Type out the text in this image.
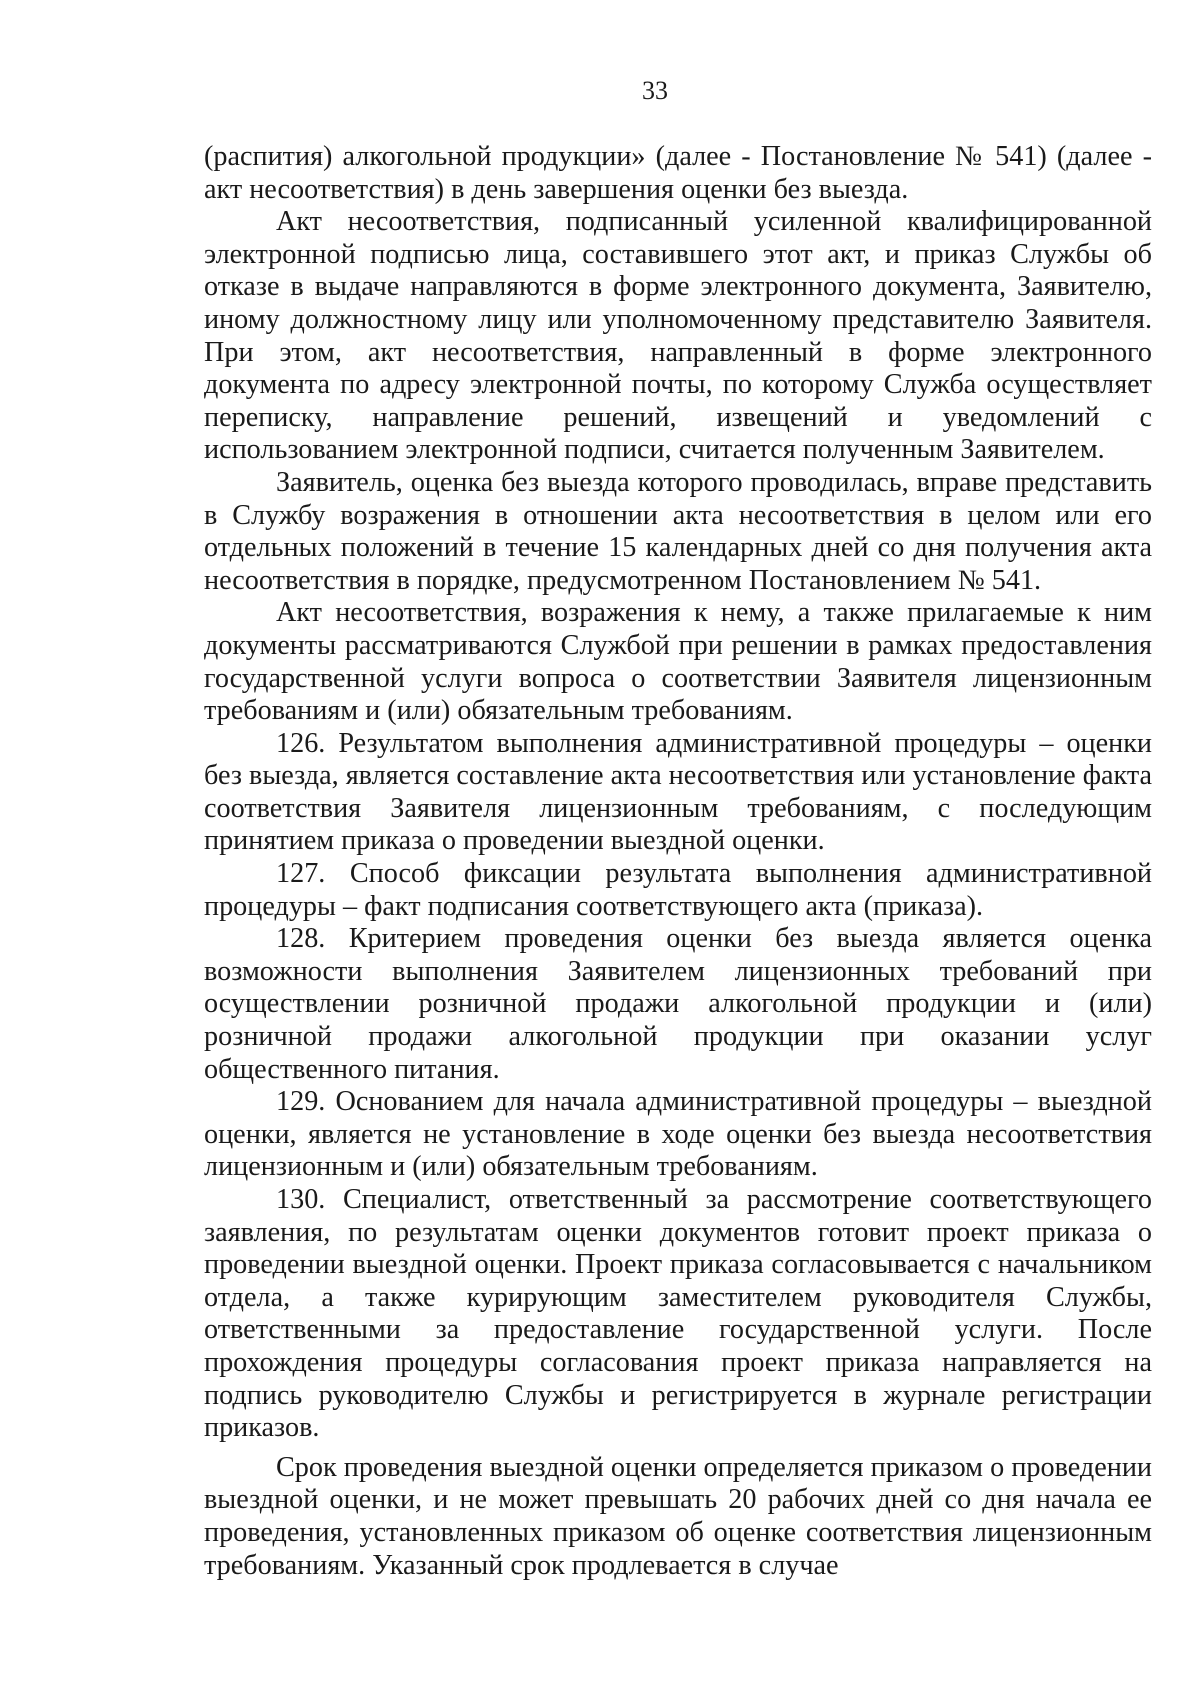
33

(распития) алкогольной продукции» (далее - Постановление № 541) (далее - акт несоответствия) в день завершения оценки без выезда.

Акт несоответствия, подписанный усиленной квалифицированной электронной подписью лица, составившего этот акт, и приказ Службы об отказе в выдаче направляются в форме электронного документа, Заявителю, иному должностному лицу или уполномоченному представителю Заявителя. При этом, акт несоответствия, направленный в форме электронного документа по адресу электронной почты, по которому Служба осуществляет переписку, направление решений, извещений и уведомлений с использованием электронной подписи, считается полученным Заявителем.

Заявитель, оценка без выезда которого проводилась, вправе представить в Службу возражения в отношении акта несоответствия в целом или его отдельных положений в течение 15 календарных дней со дня получения акта несоответствия в порядке, предусмотренном Постановлением № 541.

Акт несоответствия, возражения к нему, а также прилагаемые к ним документы рассматриваются Службой при решении в рамках предоставления государственной услуги вопроса о соответствии Заявителя лицензионным требованиям и (или) обязательным требованиям.

126. Результатом выполнения административной процедуры – оценки без выезда, является составление акта несоответствия или установление факта соответствия Заявителя лицензионным требованиям, с последующим принятием приказа о проведении выездной оценки.

127. Способ фиксации результата выполнения административной процедуры – факт подписания соответствующего акта (приказа).

128. Критерием проведения оценки без выезда является оценка возможности выполнения Заявителем лицензионных требований при осуществлении розничной продажи алкогольной продукции и (или) розничной продажи алкогольной продукции при оказании услуг общественного питания.

129. Основанием для начала административной процедуры – выездной оценки, является не установление в ходе оценки без выезда несоответствия лицензионным и (или) обязательным требованиям.

130. Специалист, ответственный за рассмотрение соответствующего заявления, по результатам оценки документов готовит проект приказа о проведении выездной оценки. Проект приказа согласовывается с начальником отдела, а также курирующим заместителем руководителя Службы, ответственными за предоставление государственной услуги. После прохождения процедуры согласования проект приказа направляется на подпись руководителю Службы и регистрируется в журнале регистрации приказов.

Срок проведения выездной оценки определяется приказом о проведении выездной оценки, и не может превышать 20 рабочих дней со дня начала ее проведения, установленных приказом об оценке соответствия лицензионным требованиям. Указанный срок продлевается в случае
